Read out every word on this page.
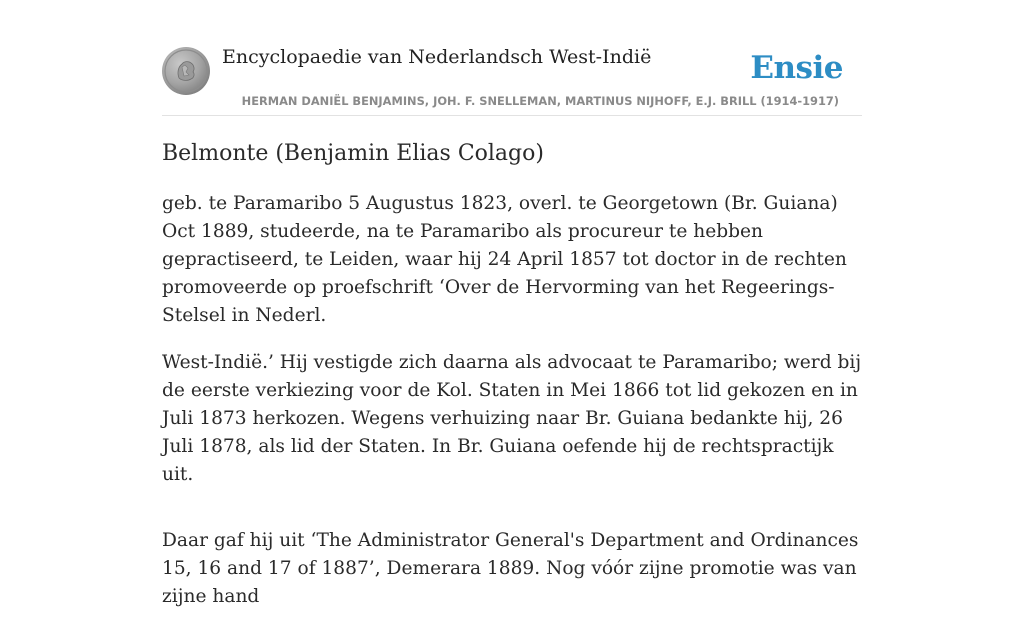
Encyclopaedie van Nederlandsch West-Indië	Ensie
HERMAN DANIËL BENJAMINS, JOH. F. SNELLEMAN, MARTINUS NIJHOFF, E.J. BRILL (1914-1917)
Belmonte (Benjamin Elias Colago)

geb. te Paramaribo 5 Augustus 1823, overl. te Georgetown (Br. Guiana) Oct 1889, studeerde, na te Paramaribo als procureur te hebben gepractiseerd, te Leiden, waar hij 24 April 1857 tot doctor in de rechten promoveerde op proefschrift ‘Over de Hervorming van het Regeerings-Stelsel in Nederl.

West-Indië.’ Hij vestigde zich daarna als advocaat te Paramaribo; werd bij de eerste verkiezing voor de Kol. Staten in Mei 1866 tot lid gekozen en in Juli 1873 herkozen. Wegens verhuizing naar Br. Guiana bedankte hij, 26 Juli 1878, als lid der Staten. In Br. Guiana oefende hij de rechtspractijk uit.

Daar gaf hij uit ‘The Administrator General's Department and Ordinances 15, 16 and 17 of 1887’, Demerara 1889. Nog vóór zijne promotie was van zijne hand
